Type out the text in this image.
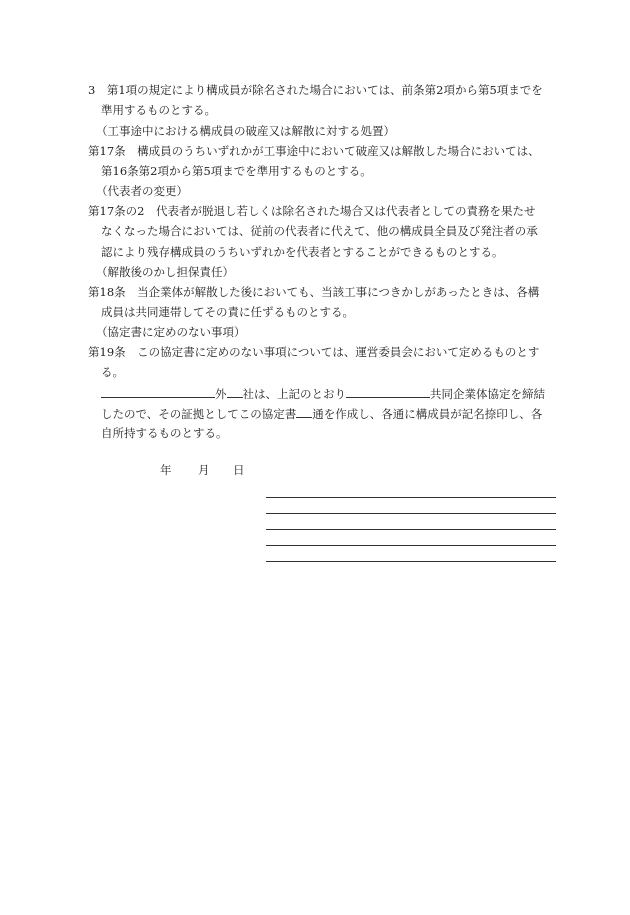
3　第1項の規定により構成員が除名された場合においては、前条第2項から第5項までを
準用するものとする。
（工事途中における構成員の破産又は解散に対する処置）
第17条　構成員のうちいずれかが工事途中において破産又は解散した場合においては、
第16条第2項から第5項までを準用するものとする。
（代表者の変更）
第17条の2　代表者が脱退し若しくは除名された場合又は代表者としての責務を果たせ
なくなった場合においては、従前の代表者に代えて、他の構成員全員及び発注者の承
認により残存構成員のうちいずれかを代表者とすることができるものとする。
（解散後のかし担保責任）
第18条　当企業体が解散した後においても、当該工事につきかしがあったときは、各構
成員は共同連帯してその責に任ずるものとする。
（協定書に定めのない事項）
第19条　この協定書に定めのない事項については、運営委員会において定めるものとす
る。
外 社は、上記のとおり	共同企業体協定を締結
したので、その証拠としてこの協定書 通を作成し、各通に構成員が記名捺印し、各
自所持するものとする。
年 月 日
